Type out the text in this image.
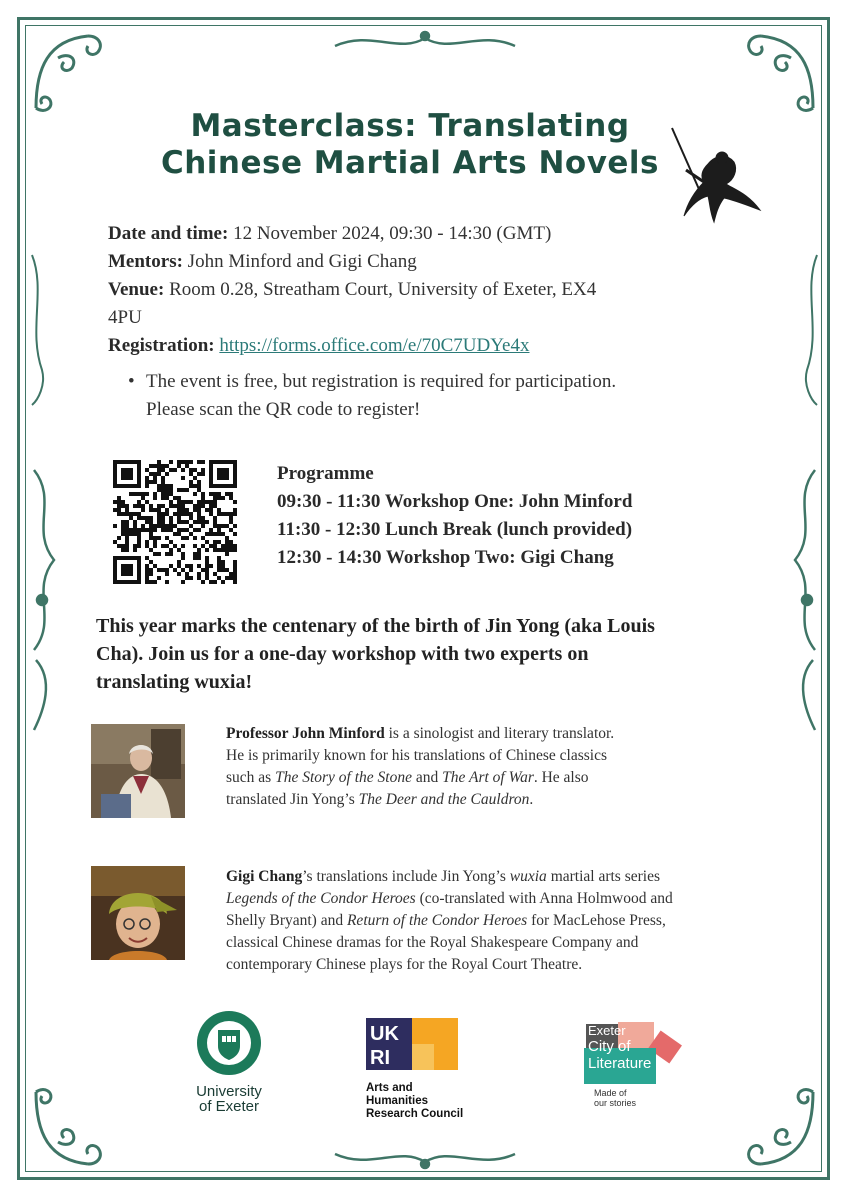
Masterclass: Translating
Chinese Martial Arts Novels

Date and time: 12 November 2024, 09:30 - 14:30 (GMT)

Mentors: John Minford and Gigi Chang

Venue: Room 0.28, Streatham Court, University of Exeter, EX4

4PU

Registration: https://forms.office.com/e/70C7UDYe4x

• The event is free, but registration is required for participation.
Please scan the QR code to register!
Programme
09:30 - 11:30 Workshop One: John Minford
11:30 - 12:30 Lunch Break (lunch provided)
12:30 - 14:30 Workshop Two: Gigi Chang
This year marks the centenary of the birth of Jin Yong (aka Louis
Cha). Join us for a one-day workshop with two experts on
translating wuxia!
Professor John Minford is a sinologist and literary translator.
He is primarily known for his translations of Chinese classics
such as The Story of the Stone and The Art of War. He also
translated Jin Yong’s The Deer and the Cauldron.
Gigi Chang’s translations include Jin Yong’s wuxia martial arts series
Legends of the Condor Heroes (co-translated with Anna Holmwood and
Shelly Bryant) and Return of the Condor Heroes for MacLehose Press,
classical Chinese dramas for the Royal Shakespeare Company and
contemporary Chinese plays for the Royal Court Theatre.
University
of Exeter
UK
RI
Arts and
Humanities
Research Council
Exeter
City of
Literature
Made of
our stories
